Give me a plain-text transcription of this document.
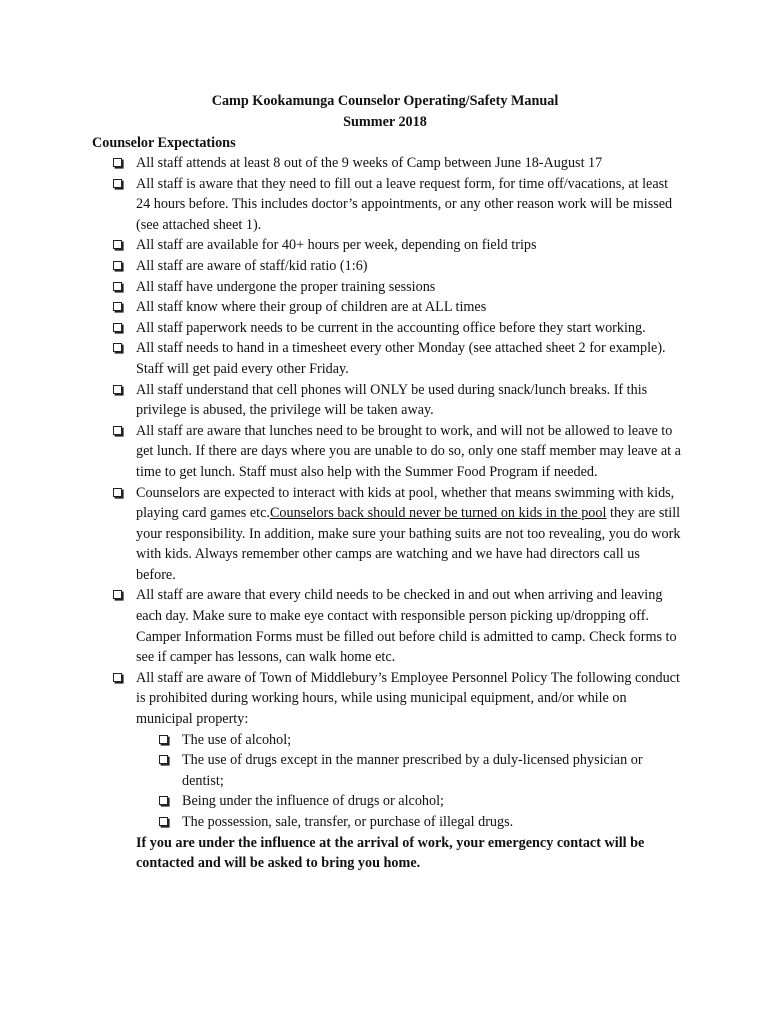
Camp Kookamunga Counselor Operating/Safety Manual
Summer 2018
Counselor Expectations
All staff attends at least 8 out of the 9 weeks of Camp between June 18-August 17
All staff is aware that they need to fill out a leave request form, for time off/vacations, at least 24 hours before. This includes doctor’s appointments, or any other reason work will be missed (see attached sheet 1).
All staff are available for 40+ hours per week, depending on field trips
All staff are aware of staff/kid ratio (1:6)
All staff have undergone the proper training sessions
All staff know where their group of children are at ALL times
All staff paperwork needs to be current in the accounting office before they start working.
All staff needs to hand in a timesheet every other Monday (see attached sheet 2 for example). Staff will get paid every other Friday.
All staff understand that cell phones will ONLY be used during snack/lunch breaks. If this privilege is abused, the privilege will be taken away.
All staff are aware that lunches need to be brought to work, and will not be allowed to leave to get lunch. If there are days where you are unable to do so, only one staff member may leave at a time to get lunch. Staff must also help with the Summer Food Program if needed.
Counselors are expected to interact with kids at pool, whether that means swimming with kids, playing card games etc.Counselors back should never be turned on kids in the pool they are still your responsibility. In addition, make sure your bathing suits are not too revealing, you do work with kids. Always remember other camps are watching and we have had directors call us before.
All staff are aware that every child needs to be checked in and out when arriving and leaving each day. Make sure to make eye contact with responsible person picking up/dropping off. Camper Information Forms must be filled out before child is admitted to camp. Check forms to see if camper has lessons, can walk home etc.
All staff are aware of Town of Middlebury’s Employee Personnel Policy The following conduct is prohibited during working hours, while using municipal equipment, and/or while on municipal property:
The use of alcohol;
The use of drugs except in the manner prescribed by a duly-licensed physician or dentist;
Being under the influence of drugs or alcohol;
The possession, sale, transfer, or purchase of illegal drugs.
If you are under the influence at the arrival of work, your emergency contact will be contacted and will be asked to bring you home.
